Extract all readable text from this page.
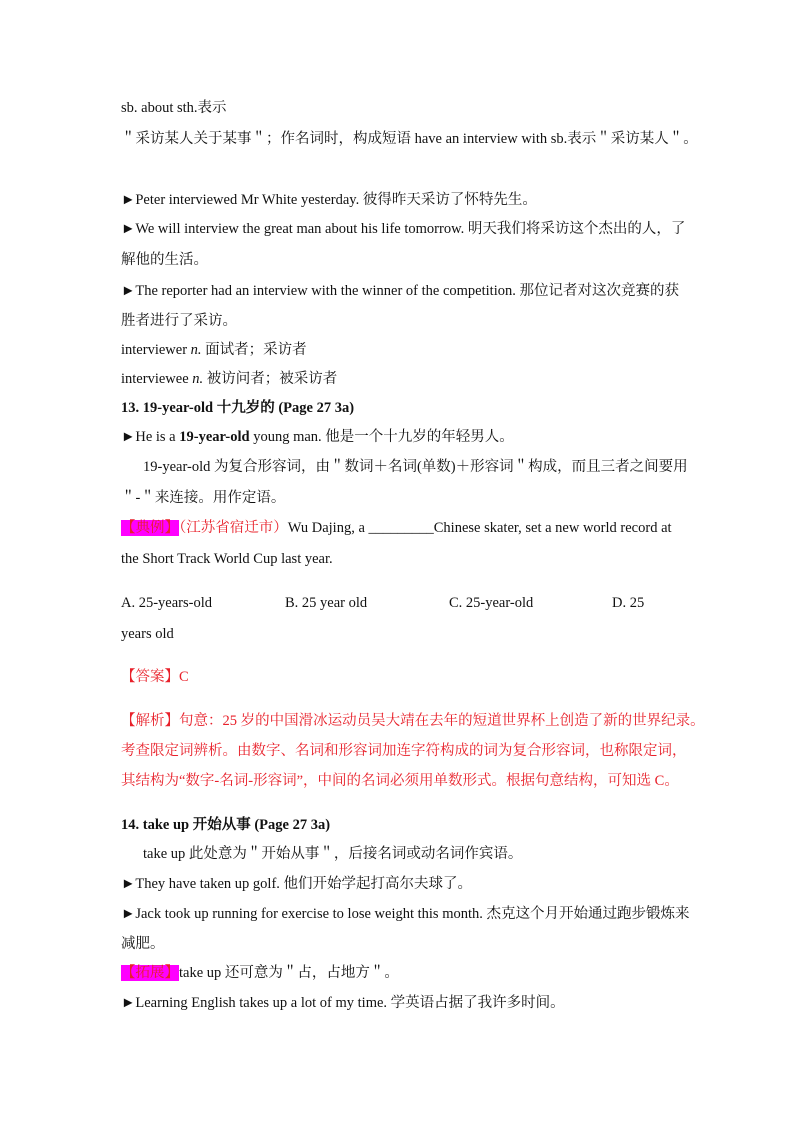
sb. about sth.表示
＂采访某人关于某事＂；作名词时，构成短语 have an interview with sb.表示＂采访某人＂。
►Peter interviewed Mr White yesterday. 彼得昨天采访了怀特先生。
►We will interview the great man about his life tomorrow. 明天我们将采访这个杰出的人，了
解他的生活。
►The reporter had an interview with the winner of the competition. 那位记者对这次竞赛的获
胜者进行了采访。
interviewer n. 面试者；采访者
interviewee n. 被访问者；被采访者
13. 19-year-old 十九岁的 (Page 27 3a)
►He is a 19-year-old young man. 他是一个十九岁的年轻男人。
19-year-old 为复合形容词，由＂数词＋名词(单数)＋形容词＂构成，而且三者之间要用
＂-＂来连接。用作定语。
【典例】（江苏省宿迁市）Wu Dajing, a _________Chinese skater, set a new world record at
the Short Track World Cup last year.
A. 25-years-old	B. 25 year old	C. 25-year-old	D. 25
years old
【答案】C
【解析】句意：25 岁的中国滑冰运动员吴大靖在去年的短道世界杯上创造了新的世界纪录。
考查限定词辨析。由数字、名词和形容词加连字符构成的词为复合形容词，也称限定词，
其结构为“数字-名词-形容词”，中间的名词必须用单数形式。根据句意结构，可知选 C。
14. take up 开始从事 (Page 27 3a)
take up 此处意为＂开始从事＂，后接名词或动名词作宾语。
►They have taken up golf. 他们开始学起打高尔夫球了。
►Jack took up running for exercise to lose weight this month. 杰克这个月开始通过跑步锻炼来
减肥。
【拓展】take up 还可意为＂占，占地方＂。
►Learning English takes up a lot of my time. 学英语占据了我许多时间。
